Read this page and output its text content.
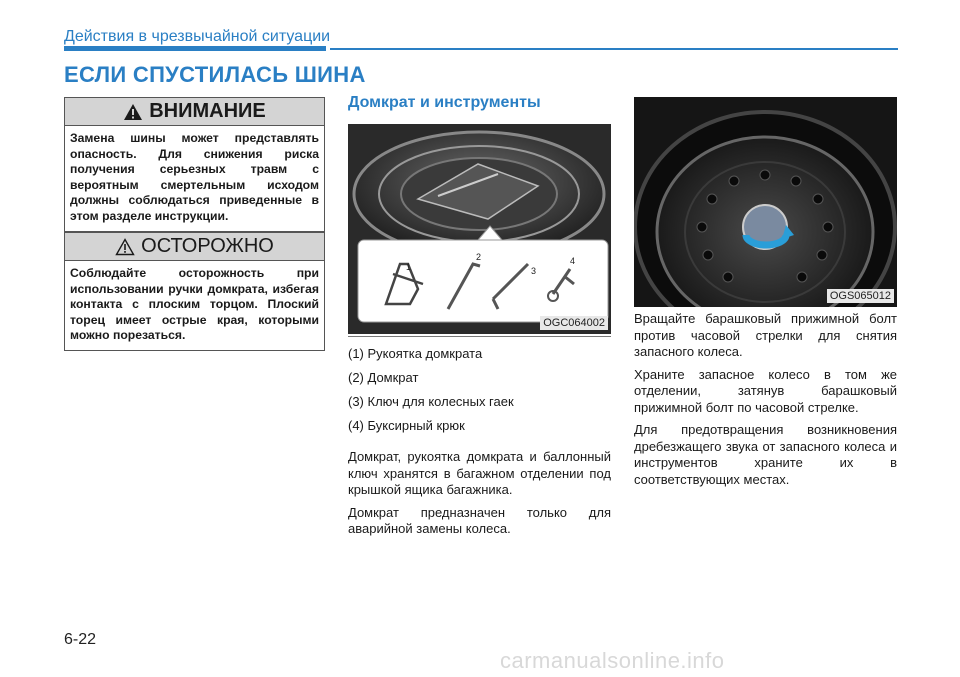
Действия в чрезвычайной ситуации
ЕСЛИ СПУСТИЛАСЬ ШИНА
ВНИМАНИЕ
Замена шины может представлять опасность. Для снижения риска получения серьезных травм с вероятным смертельным исходом должны соблюдаться приведенные в этом разделе инструкции.
ОСТОРОЖНО
Соблюдайте осторожность при использовании ручки домкрата, избегая контакта с плоским торцом. Плоский торец имеет острые края, которыми можно порезаться.
Домкрат и инструменты
1
2
3
4
OGC064002

(1) Рукоятка домкрата

(2) Домкрат

(3) Ключ для колесных гаек

(4) Буксирный крюк

Домкрат, рукоятка домкрата и баллонный ключ хранятся в багажном отделении под крышкой ящика багажника.

Домкрат предназначен только для аварийной замены колеса.

OGS065012

Вращайте барашковый прижимной болт против часовой стрелки для снятия запасного колеса.

Храните запасное колесо в том же отделении, затянув барашковый прижимной болт по часовой стрелке.

Для предотвращения возникновения дребезжащего звука от запасного колеса и инструментов храните их в соответствующих местах.

6-22
carmanualsonline.info
